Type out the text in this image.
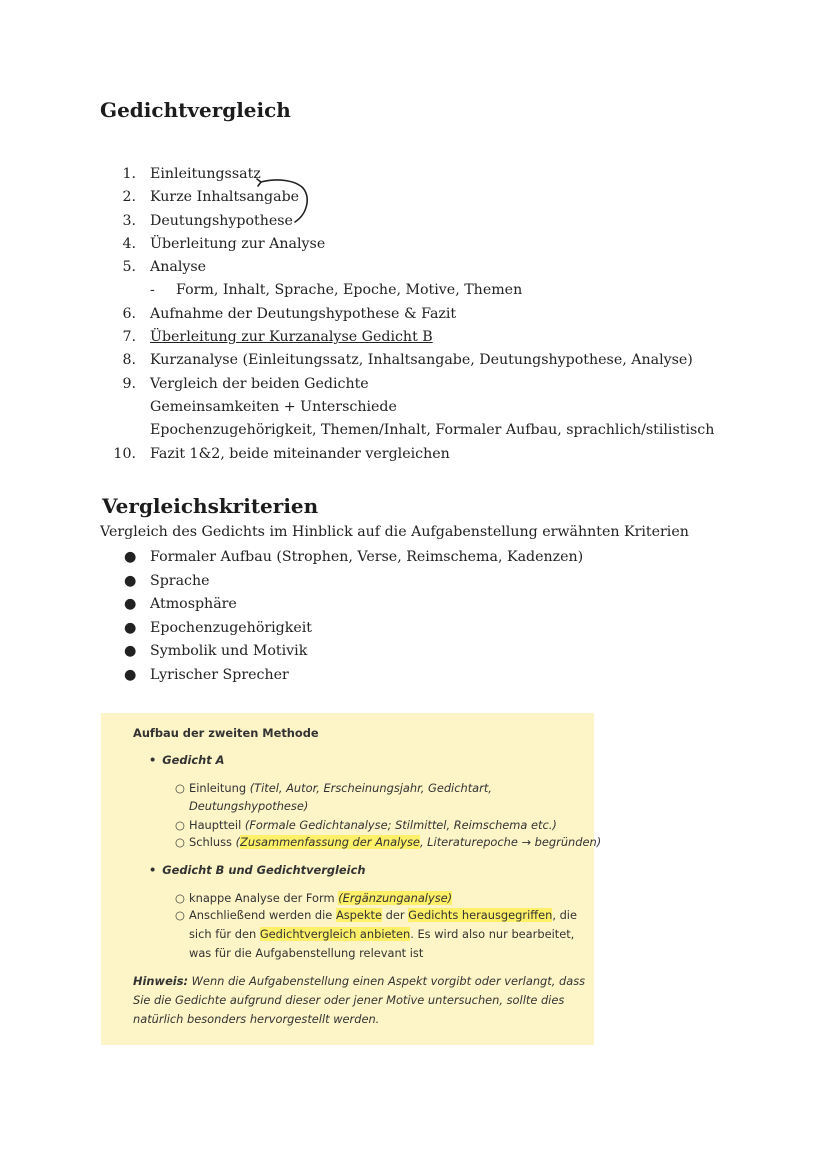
Gedichtvergleich
1. Einleitungssatz
2. Kurze Inhaltsangabe
3. Deutungshypothese
4. Überleitung zur Analyse
5. Analyse
- Form, Inhalt, Sprache, Epoche, Motive, Themen
6. Aufnahme der Deutungshypothese & Fazit
7. Überleitung zur Kurzanalyse Gedicht B
8. Kurzanalyse (Einleitungssatz, Inhaltsangabe, Deutungshypothese, Analyse)
9. Vergleich der beiden Gedichte
Gemeinsamkeiten + Unterschiede
Epochenzugehörigkeit, Themen/Inhalt, Formaler Aufbau, sprachlich/stilistisch
10. Fazit 1&2, beide miteinander vergleichen
Vergleichskriterien

Vergleich des Gedichts im Hinblick auf die Aufgabenstellung erwähnten Kriterien

● Formaler Aufbau (Strophen, Verse, Reimschema, Kadenzen)
● Sprache
● Atmosphäre
● Epochenzugehörigkeit
● Symbolik und Motivik
● Lyrischer Sprecher
Aufbau der zweiten Methode
• Gedicht A
○ Einleitung (Titel, Autor, Erscheinungsjahr, Gedichtart,
Deutungshypothese)
○ Hauptteil (Formale Gedichtanalyse; Stilmittel, Reimschema etc.)
○ Schluss (Zusammenfassung der Analyse, Literaturepoche → begründen)
• Gedicht B und Gedichtvergleich
○ knappe Analyse der Form (Ergänzunganalyse)
○ Anschließend werden die Aspekte der Gedichts herausgegriffen, die
sich für den Gedichtvergleich anbieten. Es wird also nur bearbeitet,
was für die Aufgabenstellung relevant ist
Hinweis: Wenn die Aufgabenstellung einen Aspekt vorgibt oder verlangt, dass
Sie die Gedichte aufgrund dieser oder jener Motive untersuchen, sollte dies
natürlich besonders hervorgestellt werden.
